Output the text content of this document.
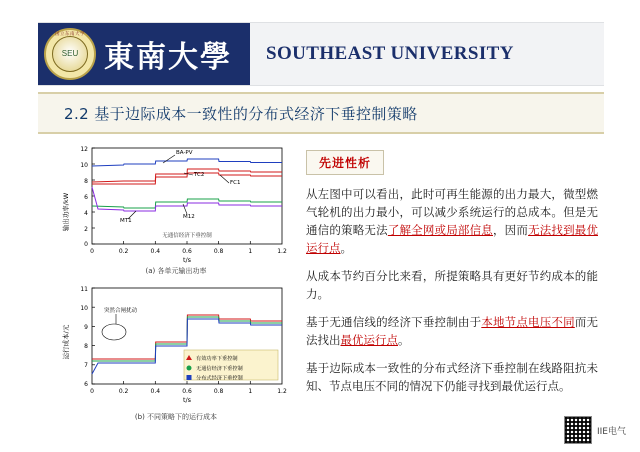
国立东南大学
SEU 東南大學 SOUTHEAST UNIVERSITY
2.2 基于边际成本一致性的分布式经济下垂控制策略
12
10
8
6
4
2
0
0	0.2	0.4	0.6	0.8	1	1.2
t/s
输出功率/kW
BA-PV
TC2
FC1
M12
MT1
无通信经济下垂控制
(a) 各单元输出功率
11
10
9
8
7
6
0	0.2	0.4	0.6	0.8	1	1.2
t/s
运行成本/元
突然合闸扰动
有效功率下垂控制
无通信经济下垂控制
分布式经济下垂控制
(b) 不同策略下的运行成本
先进性析
从左图中可以看出，此时可再生能源的出力最大，微型燃气轮机的出力最小，可以减少系统运行的总成本。但是无通信的策略无法了解全网或局部信息，因而无法找到最优运行点。
从成本节约百分比来看，所提策略具有更好节约成本的能力。
基于无通信线的经济下垂控制由于本地节点电压不同而无法找出最优运行点。
基于边际成本一致性的分布式经济下垂控制在线路阻抗未知、节点电压不同的情况下仍能寻找到最优运行点。
IIE电气
